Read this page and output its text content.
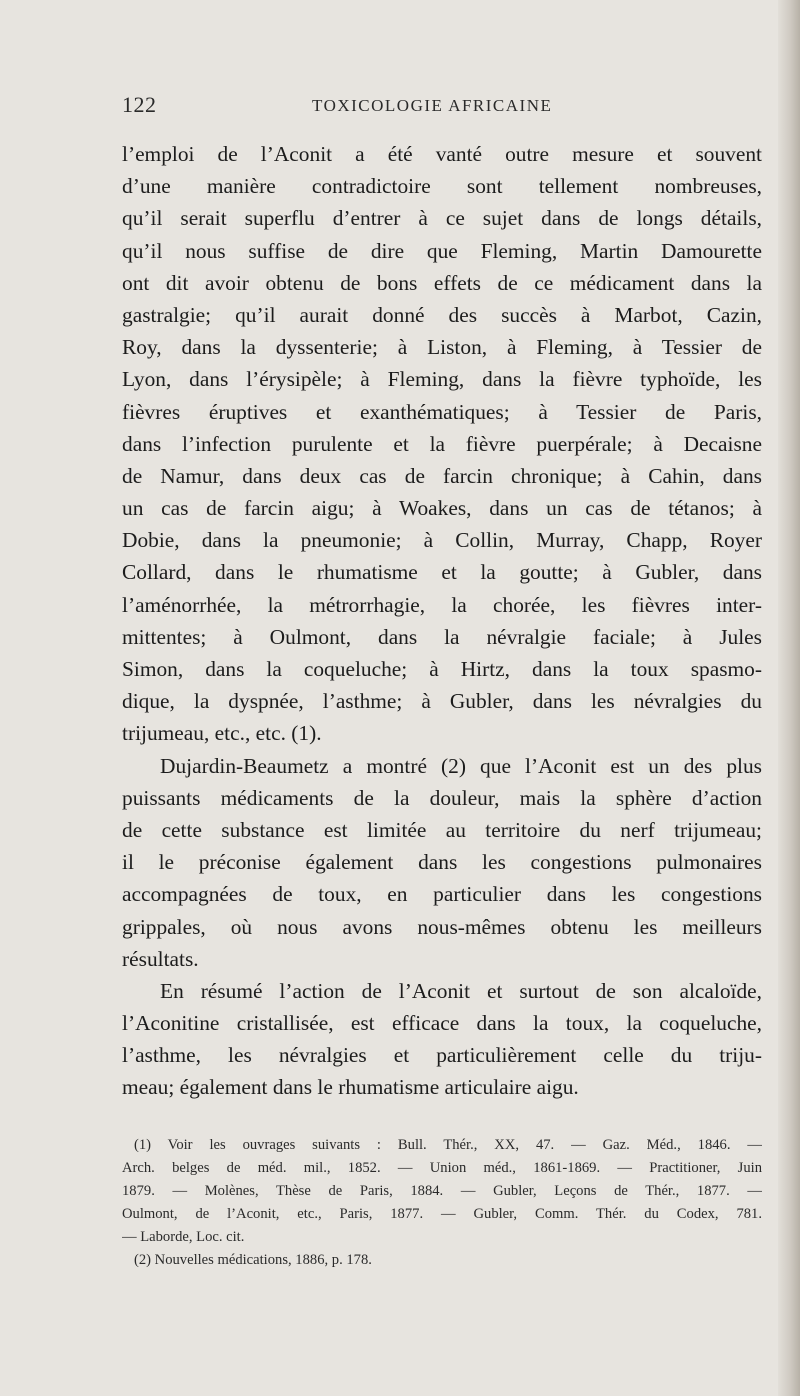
122	TOXICOLOGIE AFRICAINE
l’emploi de l’Aconit a été vanté outre mesure et souvent
d’une manière contradictoire sont tellement nombreuses,
qu’il serait superflu d’entrer à ce sujet dans de longs détails,
qu’il nous suffise de dire que Fleming, Martin Damourette
ont dit avoir obtenu de bons effets de ce médicament dans la
gastralgie; qu’il aurait donné des succès à Marbot, Cazin,
Roy, dans la dyssenterie; à Liston, à Fleming, à Tessier de
Lyon, dans l’érysipèle; à Fleming, dans la fièvre typhoïde, les
fièvres éruptives et exanthématiques; à Tessier de Paris,
dans l’infection purulente et la fièvre puerpérale; à Decaisne
de Namur, dans deux cas de farcin chronique; à Cahin, dans
un cas de farcin aigu; à Woakes, dans un cas de tétanos; à
Dobie, dans la pneumonie; à Collin, Murray, Chapp, Royer
Collard, dans le rhumatisme et la goutte; à Gubler, dans
l’aménorrhée, la métrorrhagie, la chorée, les fièvres inter-
mittentes; à Oulmont, dans la névralgie faciale; à Jules
Simon, dans la coqueluche; à Hirtz, dans la toux spasmo-
dique, la dyspnée, l’asthme; à Gubler, dans les névralgies du
trijumeau, etc., etc. (1).
Dujardin-Beaumetz a montré (2) que l’Aconit est un des plus
puissants médicaments de la douleur, mais la sphère d’action
de cette substance est limitée au territoire du nerf trijumeau;
il le préconise également dans les congestions pulmonaires
accompagnées de toux, en particulier dans les congestions
grippales, où nous avons nous-mêmes obtenu les meilleurs
résultats.
En résumé l’action de l’Aconit et surtout de son alcaloïde,
l’Aconitine cristallisée, est efficace dans la toux, la coqueluche,
l’asthme, les névralgies et particulièrement celle du triju-
meau; également dans le rhumatisme articulaire aigu.
(1) Voir les ouvrages suivants : Bull. Thér., XX, 47. — Gaz. Méd., 1846. —
Arch. belges de méd. mil., 1852. — Union méd., 1861-1869. — Practitioner, Juin
1879. — Molènes, Thèse de Paris, 1884. — Gubler, Leçons de Thér., 1877. —
Oulmont, de l’Aconit, etc., Paris, 1877. — Gubler, Comm. Thér. du Codex, 781.
— Laborde, Loc. cit.
(2) Nouvelles médications, 1886, p. 178.
